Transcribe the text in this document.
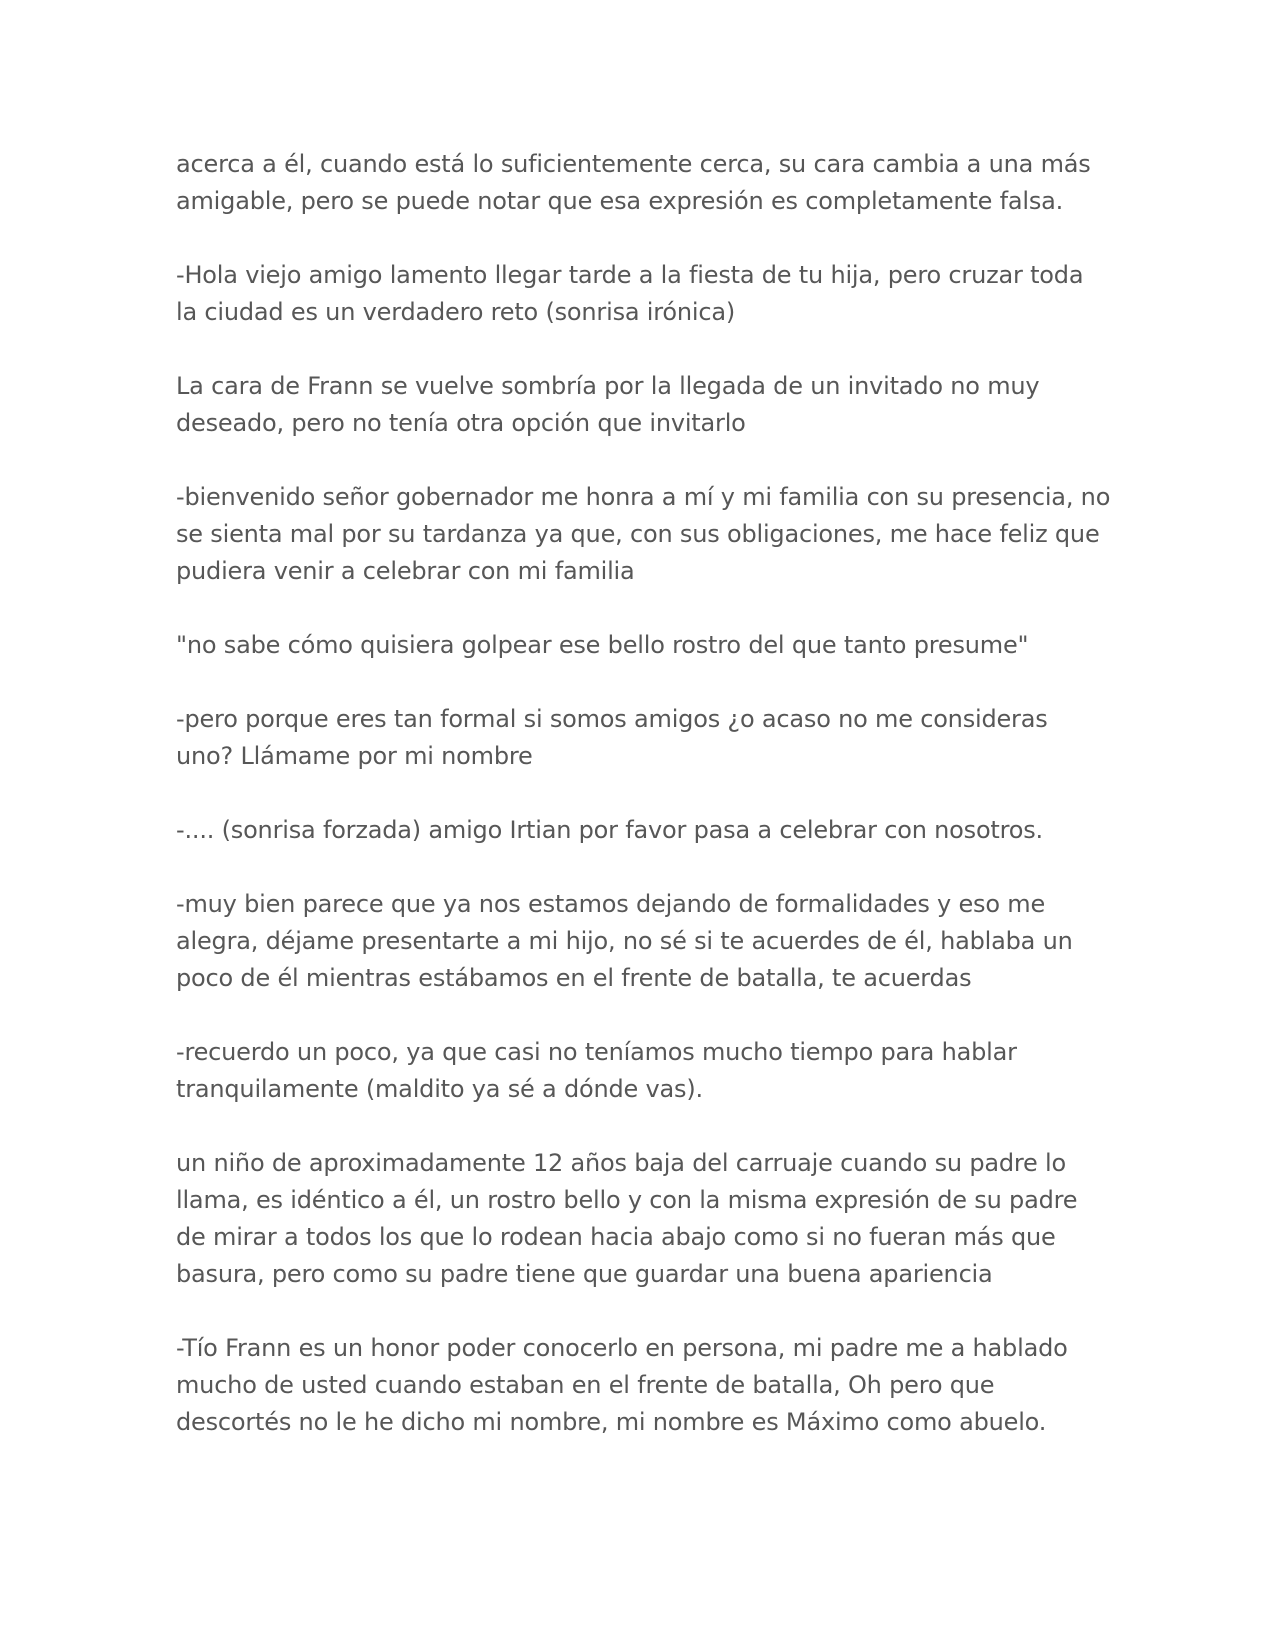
acerca a él, cuando está lo suficientemente cerca, su cara cambia a una más amigable, pero se puede notar que esa expresión es completamente falsa.

-Hola viejo amigo lamento llegar tarde a la fiesta de tu hija, pero cruzar toda la ciudad es un verdadero reto (sonrisa irónica)

La cara de Frann se vuelve sombría por la llegada de un invitado no muy deseado, pero no tenía otra opción que invitarlo

-bienvenido señor gobernador me honra a mí y mi familia con su presencia, no se sienta mal por su tardanza ya que, con sus obligaciones, me hace feliz que pudiera venir a celebrar con mi familia

"no sabe cómo quisiera golpear ese bello rostro del que tanto presume"

-pero porque eres tan formal si somos amigos ¿o acaso no me consideras uno? Llámame por mi nombre

-.... (sonrisa forzada) amigo Irtian por favor pasa a celebrar con nosotros.

-muy bien parece que ya nos estamos dejando de formalidades y eso me alegra, déjame presentarte a mi hijo, no sé si te acuerdes de él, hablaba un poco de él mientras estábamos en el frente de batalla, te acuerdas

-recuerdo un poco, ya que casi no teníamos mucho tiempo para hablar tranquilamente (maldito ya sé a dónde vas).

un niño de aproximadamente 12 años baja del carruaje cuando su padre lo llama, es idéntico a él, un rostro bello y con la misma expresión de su padre de mirar a todos los que lo rodean hacia abajo como si no fueran más que basura, pero como su padre tiene que guardar una buena apariencia

-Tío Frann es un honor poder conocerlo en persona, mi padre me a hablado mucho de usted cuando estaban en el frente de batalla, Oh pero que descortés no le he dicho mi nombre, mi nombre es Máximo como abuelo.
